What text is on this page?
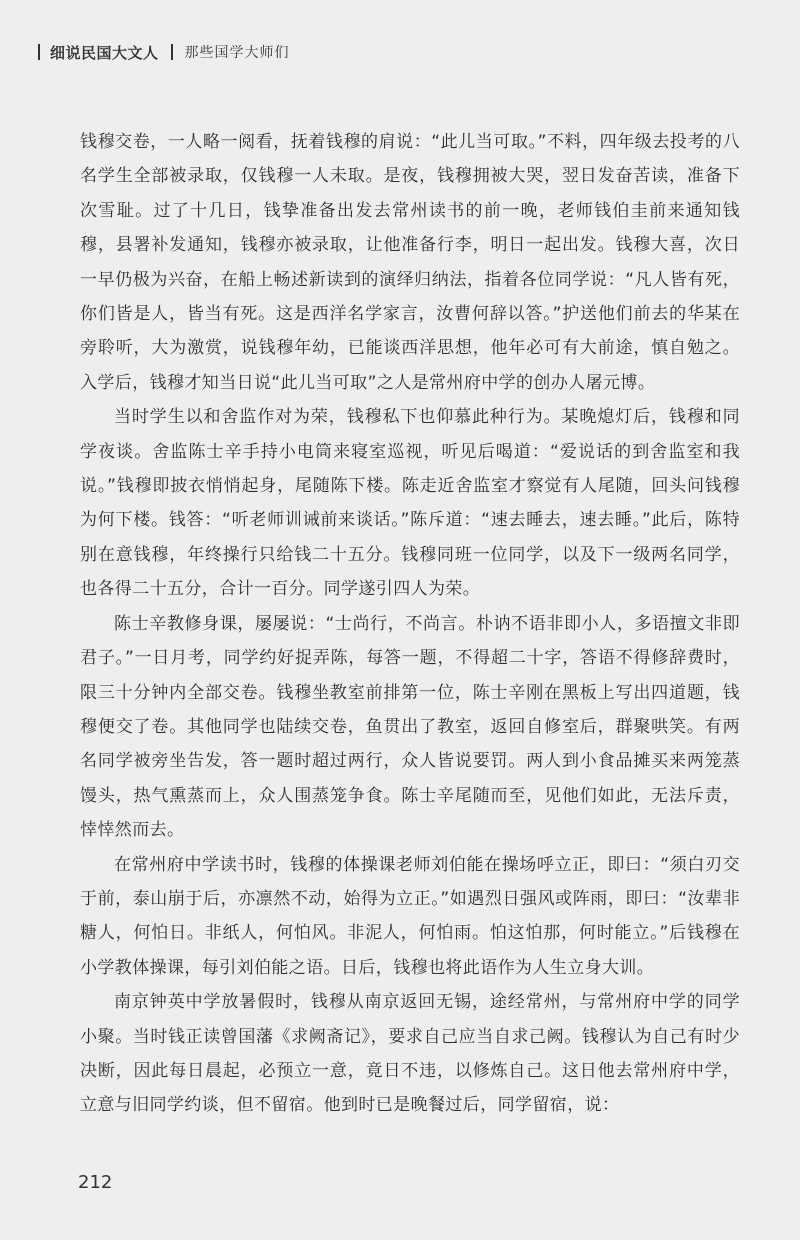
细说民国大文人 那些国学大师们

钱穆交卷，一人略一阅看，抚着钱穆的肩说：“此儿当可取。”不料，四年级去投考的八名学生全部被录取，仅钱穆一人未取。是夜，钱穆拥被大哭，翌日发奋苦读，准备下次雪耻。过了十几日，钱挚准备出发去常州读书的前一晚，老师钱伯圭前来通知钱穆，县署补发通知，钱穆亦被录取，让他准备行李，明日一起出发。钱穆大喜，次日一早仍极为兴奋，在船上畅述新读到的演绎归纳法，指着各位同学说：“凡人皆有死，你们皆是人，皆当有死。这是西洋名学家言，汝曹何辞以答。”护送他们前去的华某在旁聆听，大为激赏，说钱穆年幼，已能谈西洋思想，他年必可有大前途，慎自勉之。入学后，钱穆才知当日说“此儿当可取”之人是常州府中学的创办人屠元博。

当时学生以和舍监作对为荣，钱穆私下也仰慕此种行为。某晚熄灯后，钱穆和同学夜谈。舍监陈士辛手持小电筒来寝室巡视，听见后喝道：“爱说话的到舍监室和我说。”钱穆即披衣悄悄起身，尾随陈下楼。陈走近舍监室才察觉有人尾随，回头问钱穆为何下楼。钱答：“听老师训诫前来谈话。”陈斥道：“速去睡去，速去睡。”此后，陈特别在意钱穆，年终操行只给钱二十五分。钱穆同班一位同学，以及下一级两名同学，也各得二十五分，合计一百分。同学遂引四人为荣。

陈士辛教修身课，屡屡说：“士尚行，不尚言。朴讷不语非即小人，多语擅文非即君子。”一日月考，同学约好捉弄陈，每答一题，不得超二十字，答语不得修辞费时，限三十分钟内全部交卷。钱穆坐教室前排第一位，陈士辛刚在黑板上写出四道题，钱穆便交了卷。其他同学也陆续交卷，鱼贯出了教室，返回自修室后，群聚哄笑。有两名同学被旁坐告发，答一题时超过两行，众人皆说要罚。两人到小食品摊买来两笼蒸馒头，热气熏蒸而上，众人围蒸笼争食。陈士辛尾随而至，见他们如此，无法斥责，悻悻然而去。

在常州府中学读书时，钱穆的体操课老师刘伯能在操场呼立正，即曰：“须白刃交于前，泰山崩于后，亦凛然不动，始得为立正。”如遇烈日强风或阵雨，即曰：“汝辈非糖人，何怕日。非纸人，何怕风。非泥人，何怕雨。怕这怕那，何时能立。”后钱穆在小学教体操课，每引刘伯能之语。日后，钱穆也将此语作为人生立身大训。

南京钟英中学放暑假时，钱穆从南京返回无锡，途经常州，与常州府中学的同学小聚。当时钱正读曾国藩《求阙斋记》，要求自己应当自求己阙。钱穆认为自己有时少决断，因此每日晨起，必预立一意，竟日不违，以修炼自己。这日他去常州府中学，立意与旧同学约谈，但不留宿。他到时已是晚餐过后，同学留宿，说：

212
